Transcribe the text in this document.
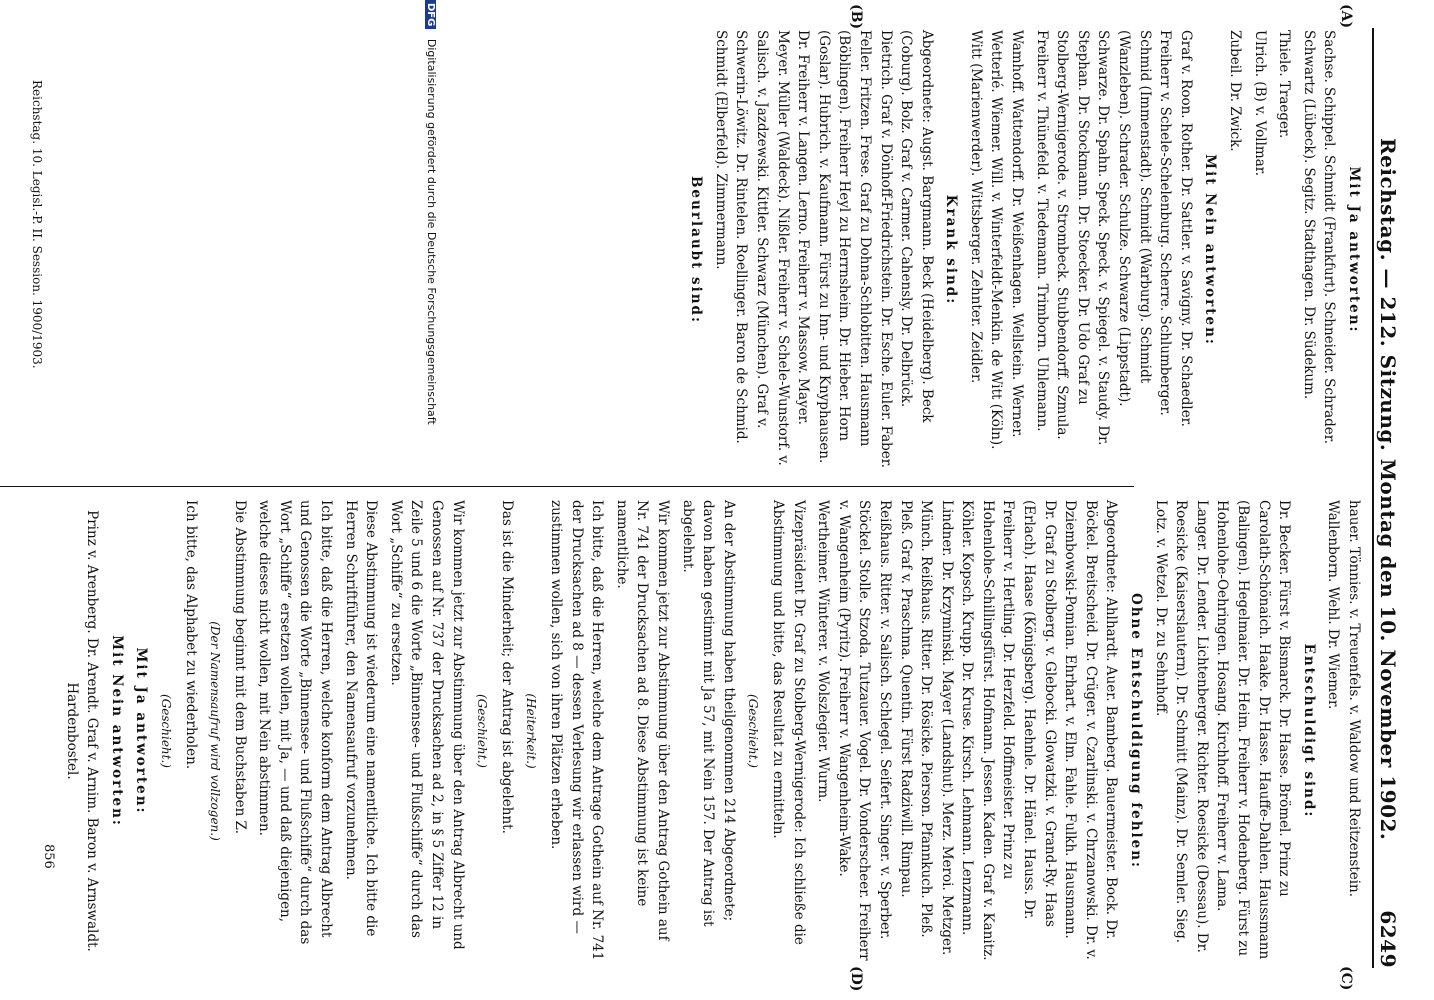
Reichstag. — 212. Sitzung. Montag den 10. November 1902.
6249
(A)
(B)
(C)
(D)

Mit Ja antworten:

Sachse. Schippel. Schmidt (Frankfurt). Schneider. Schrader. Schwartz (Lübeck). Segitz. Stadthagen. Dr. Südekum.

Thiele. Traeger.

Ulrich. (B) v. Vollmar.

Zubeil. Dr. Zwick.

Mit Nein antworten:

Graf v. Roon. Rother. Dr. Sattler. v. Savigny. Dr. Schaedler. Freiherr v. Schele-Schelenburg. Scherre. Schlumberger. Schmid (Immenstadt). Schmidt (Warburg). Schmidt (Wanzleben). Schrader. Schulze. Schwarze (Lippstadt). Schwarze. Dr. Spahn. Speck. Speck. v. Spiegel. v. Staudy. Dr. Stephan. Dr. Stockmann. Dr. Stoecker. Dr. Udo Graf zu Stolberg-Wernigerode. v. Strombeck. Stubbendorff. Szmula. Freiherr v. Thünefeld. v. Tiedemann. Trimborn. Uhlemann.

Wamhoff. Wattendorff. Dr. Weißenhagen. Wellstein. Werner. Wetterlé. Wiemer. Will. v. Winterfeldt-Menkin. de Witt (Köln). Witt (Marienwerder). Wittsberger. Zehnter. Zeidler.

Krank sind:

Abgeordnete: Augst. Bargmann. Beck (Heidelberg). Beck (Coburg). Bolz. Graf v. Carmer. Cahensly. Dr. Delbrück. Dietrich. Graf v. Dönhoff-Friedrichstein. Dr. Esche. Euler. Faber. Feller. Fritzen. Frese. Graf zu Dohna-Schlobitten. Hausmann (Böblingen). Freiherr Heyl zu Herrnsheim. Dr. Hieber. Horn (Goslar). Hubrich. v. Kaufmann. Fürst zu Inn- und Knyphausen. Dr. Freiherr v. Langen. Lerno. Freiherr v. Massow. Mayer. Meyer. Müller (Waldeck). Nißler. Freiherr v. Schele-Wunstorf. v. Salisch. v. Jazdzewski. Kittler. Schwarz (München). Graf v. Schwerin-Löwitz. Dr. Rintelen. Roellinger. Baron de Schmid. Schmidt (Elberfeld). Zimmermann.

Beurlaubt sind:

hauer. Tönnies. v. Treuenfels. v. Waldow und Reitzenstein. Wallenborn. Wehl. Dr. Wiemer.

Entschuldigt sind:

Dr. Becker. Fürst v. Bismarck. Dr. Hasse. Brömel. Prinz zu Carolath-Schönaich. Haake. Dr. Hasse. Hauffe-Dahlen. Haussmann (Balingen). Hegelmaier. Dr. Heim. Freiherr v. Hodenberg. Fürst zu Hohenlohe-Oehringen. Hosang. Kirchhoff. Freiherr v. Lama. Langer. Dr. Lender. Lichtenberger. Richter. Roesicke (Dessau). Dr. Roesicke (Kaiserslautern). Dr. Schmitt (Mainz). Dr. Semler. Sieg. Lotz. v. Wetzel. Dr. zu Sehnhoff.

Ohne Entschuldigung fehlen:

Abgeordnete: Ahlhardt. Auer. Bamberg. Bauermeister. Bock. Dr. Böckel. Breitscheid. Dr. Crüger. v. Czarlinski. v. Chrzanowski. Dr. v. Dziembowski-Pomian. Ehrhart. v. Elm. Fahle. Fulkh. Hausmann. Dr. Graf zu Stolberg. v. Glebocki. Glowatzki. v. Grand-Ry. Haas (Erlach). Haase (Königsberg). Haehnle. Dr. Hänel. Hauss. Dr. Freiherr v. Hertling. Dr. Herzfeld. Hoffmeister. Prinz zu Hohenlohe-Schillingsfürst. Hofmann. Jessen. Kaden. Graf v. Kanitz. Köhler. Kopsch. Krupp. Dr. Kruse. Kirsch. Lehmann. Lenzmann. Lindner. Dr. Krzyminski. Mayer (Landshut). Merz. Meroi. Metzger. Münch. Reißhaus. Ritter. Dr. Rösicke. Pierson. Pfannkuch. Pleß. Pleß. Graf v. Praschma. Quentin. Fürst Radziwill. Rimpau. Reißhaus. Ritter. v. Salisch. Schlegel. Seifert. Singer. v. Sperber. Stöckel. Stolle. Stzoda. Tutzauer. Vogel. Dr. Vonderscheer. Freiherr v. Wangenheim (Pyritz). Freiherr v. Wangenheim-Wake. Wertheimer. Winterer. v. Wolszlegier. Wurm.

Vizepräsident Dr. Graf zu Stolberg-Wernigerode: Ich schließe die Abstimmung und bitte, das Resultat zu ermitteln.

(Geschieht.)

An der Abstimmung haben theilgenommen 214 Abgeordnete; davon haben gestimmt mit Ja 57, mit Nein 157. Der Antrag ist abgelehnt.

Wir kommen jetzt zur Abstimmung über den Antrag Gothein auf Nr. 741 der Drucksachen ad 8. Diese Abstimmung ist keine namentliche.

Ich bitte, daß die Herren, welche dem Antrage Gothein auf Nr. 741 der Drucksachen ad 8 — dessen Verlesung wir erlassen wird — zustimmen wollen, sich von ihren Plätzen erheben.

(Heiterkeit.)

Das ist die Minderheit; der Antrag ist abgelehnt.

(Geschieht.)

Wir kommen jetzt zur Abstimmung über den Antrag Albrecht und Genossen auf Nr. 737 der Drucksachen ad 2, in § 5 Ziffer 12 in Zeile 5 und 6 die Worte „Binnensee- und Flußschiffe“ durch das Wort „Schiffe“ zu ersetzen.

Diese Abstimmung ist wiederum eine namentliche. Ich bitte die Herren Schriftführer, den Namensaufruf vorzunehmen.

Ich bitte, daß die Herren, welche konform dem Antrag Albrecht und Genossen die Worte „Binnensee- und Flußschiffe“ durch das Wort „Schiffe“ ersetzen wollen, mit Ja, — und daß diejenigen, welche dieses nicht wollen, mit Nein abstimmen.

Die Abstimmung beginnt mit dem Buchstaben Z.

(Der Namensaufruf wird vollzogen.)

Ich bitte, das Alphabet zu wiederholen.

(Geschieht.)

Mit Ja antworten:

Mit Nein antworten:

Prinz v. Arenberg. Dr. Arendt. Graf v. Arnim. Baron v. Arnswaldt. Hardenbostel.

Reichstag. 10. Legisl.-P. II. Session. 1900/1903.
856
DFG Digitalisierung gefördert durch die Deutsche Forschungsgemeinschaft
